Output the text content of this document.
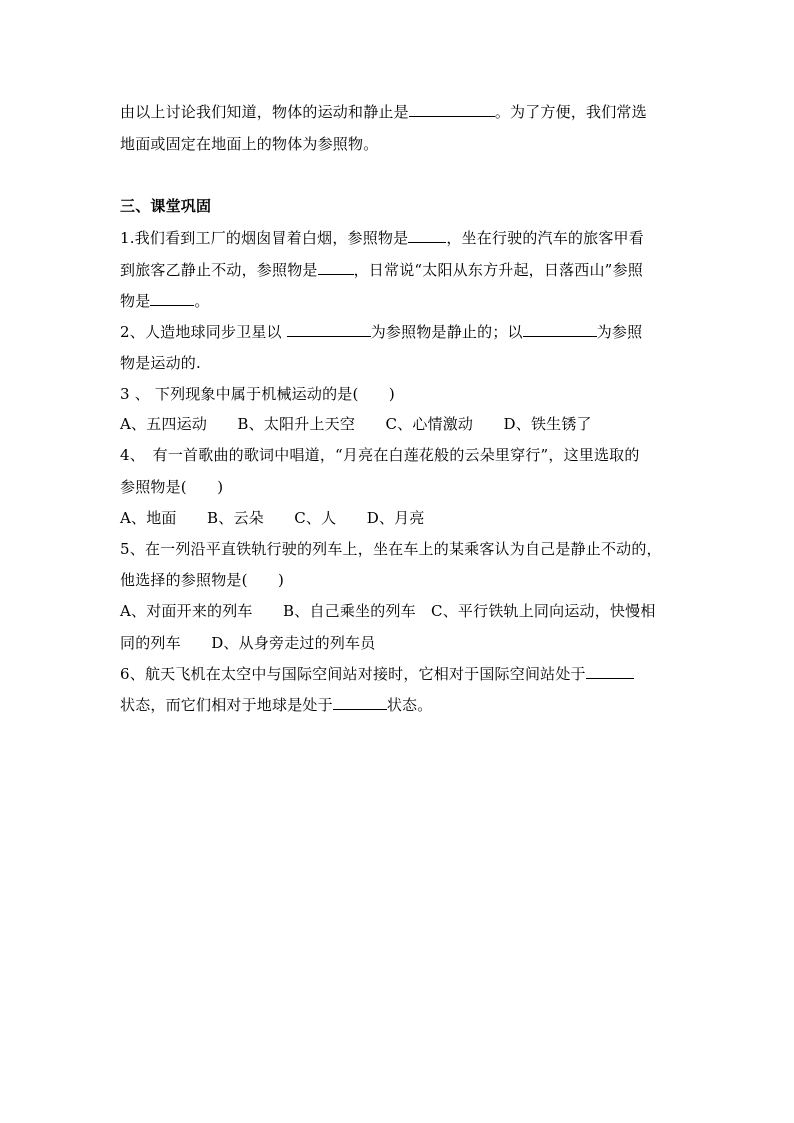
由以上讨论我们知道，物体的运动和静止是	。为了方便，我们常选
地面或固定在地面上的物体为参照物。
三、课堂巩固
1.我们看到工厂的烟囱冒着白烟，参照物是	，坐在行驶的汽车的旅客甲看
到旅客乙静止不动，参照物是 ，日常说“太阳从东方升起，日落西山”参照
物是	。
2、人造地球同步卫星以	为参照物是静止的；以	为参照
物是运动的.
3 、 下列现象中属于机械运动的是(　　)
A、五四运动　　B、太阳升上天空　　C、心情激动　　D、铁生锈了
4、　有一首歌曲的歌词中唱道，“月亮在白莲花般的云朵里穿行”，这里选取的
参照物是(　　)
A、地面　　B、云朵　　C、人　　D、月亮
5、在一列沿平直铁轨行驶的列车上，坐在车上的某乘客认为自己是静止不动的，
他选择的参照物是(　　)
A、对面开来的列车　　B、自己乘坐的列车　C、平行铁轨上同向运动，快慢相
同的列车　　D、从身旁走过的列车员
6、航天飞机在太空中与国际空间站对接时，它相对于国际空间站处于
状态，而它们相对于地球是处于	状态。
